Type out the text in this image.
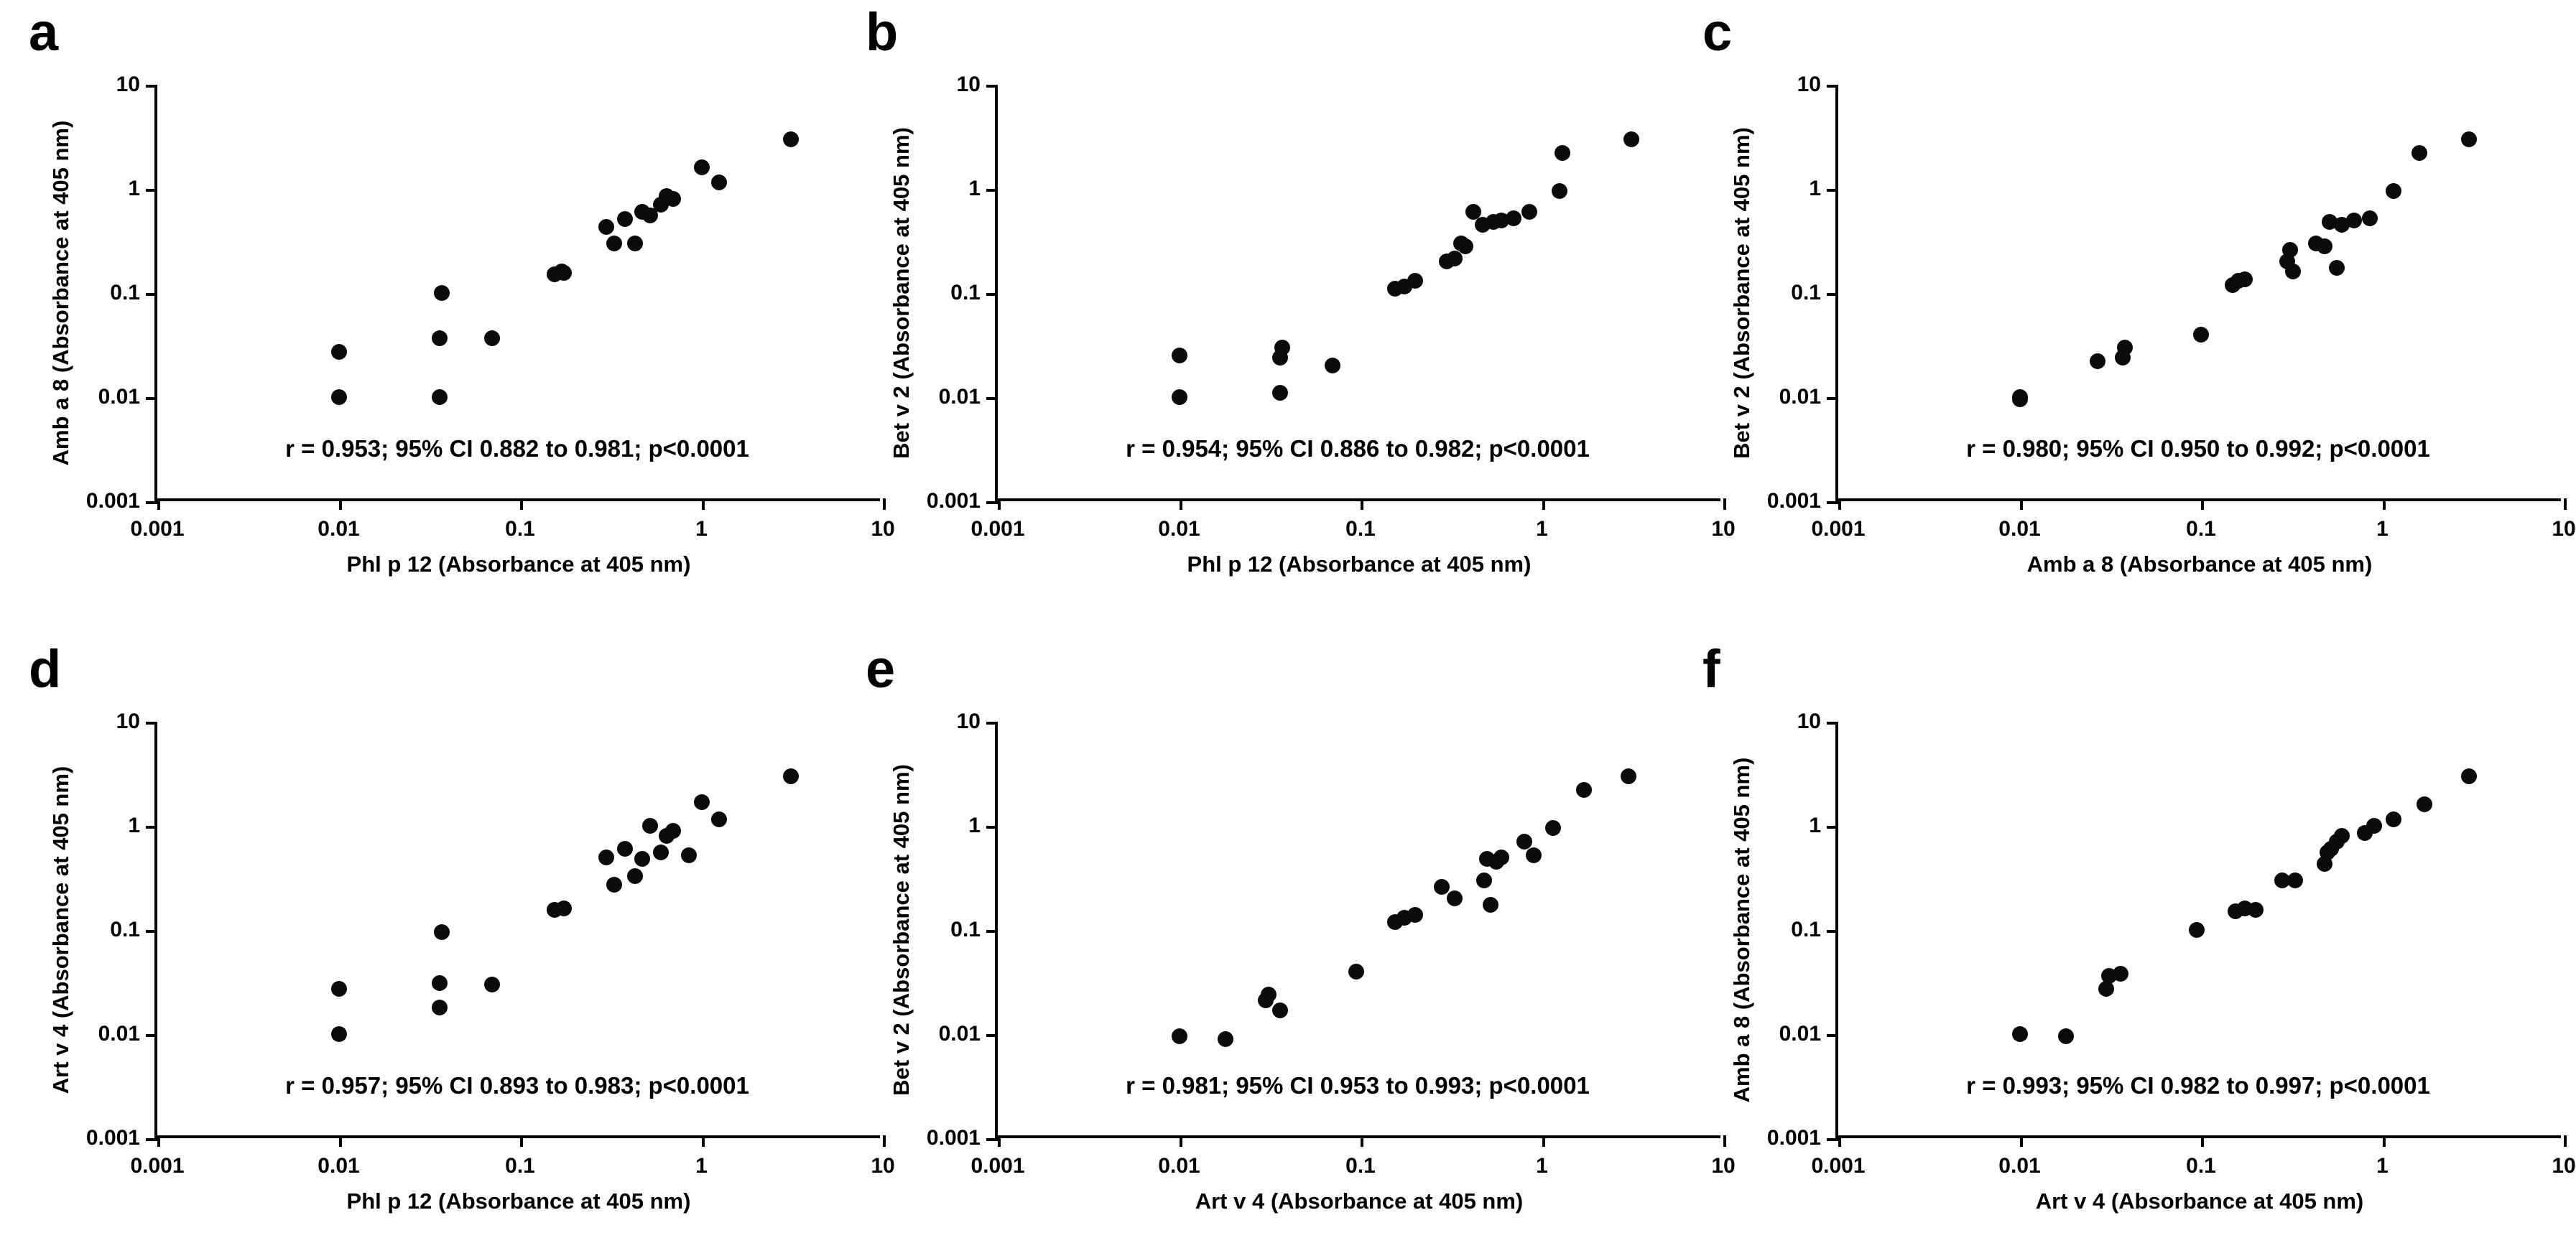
a
0.001
0.01
0.1
1
10
0.001	0.01	0.1	1	10
Phl p 12 (Absorbance at 405 nm)
Amb a 8 (Absorbance at 405 nm)	r = 0.953; 95% CI 0.882 to 0.981; p<0.0001
b
0.001
0.01
0.1
1
10
0.001	0.01	0.1	1	10
Phl p 12 (Absorbance at 405 nm)
Bet v 2 (Absorbance at 405 nm)	r = 0.954; 95% CI 0.886 to 0.982; p<0.0001
c
0.001
0.01
0.1
1
10
0.001	0.01	0.1	1	10
Amb a 8 (Absorbance at 405 nm)
Bet v 2 (Absorbance at 405 nm)	r = 0.980; 95% CI 0.950 to 0.992; p<0.0001
d
0.001
0.01
0.1
1
10
0.001	0.01	0.1	1	10
Phl p 12 (Absorbance at 405 nm)
Art v 4 (Absorbance at 405 nm)	r = 0.957; 95% CI 0.893 to 0.983; p<0.0001
e
0.001
0.01
0.1
1
10
0.001	0.01	0.1	1	10
Art v 4 (Absorbance at 405 nm)
Bet v 2 (Absorbance at 405 nm)	r = 0.981; 95% CI 0.953 to 0.993; p<0.0001
f
0.001
0.01
0.1
1
10
0.001	0.01	0.1	1	10
Art v 4 (Absorbance at 405 nm)
Amb a 8 (Absorbance at 405 nm)	r = 0.993; 95% CI 0.982 to 0.997; p<0.0001
